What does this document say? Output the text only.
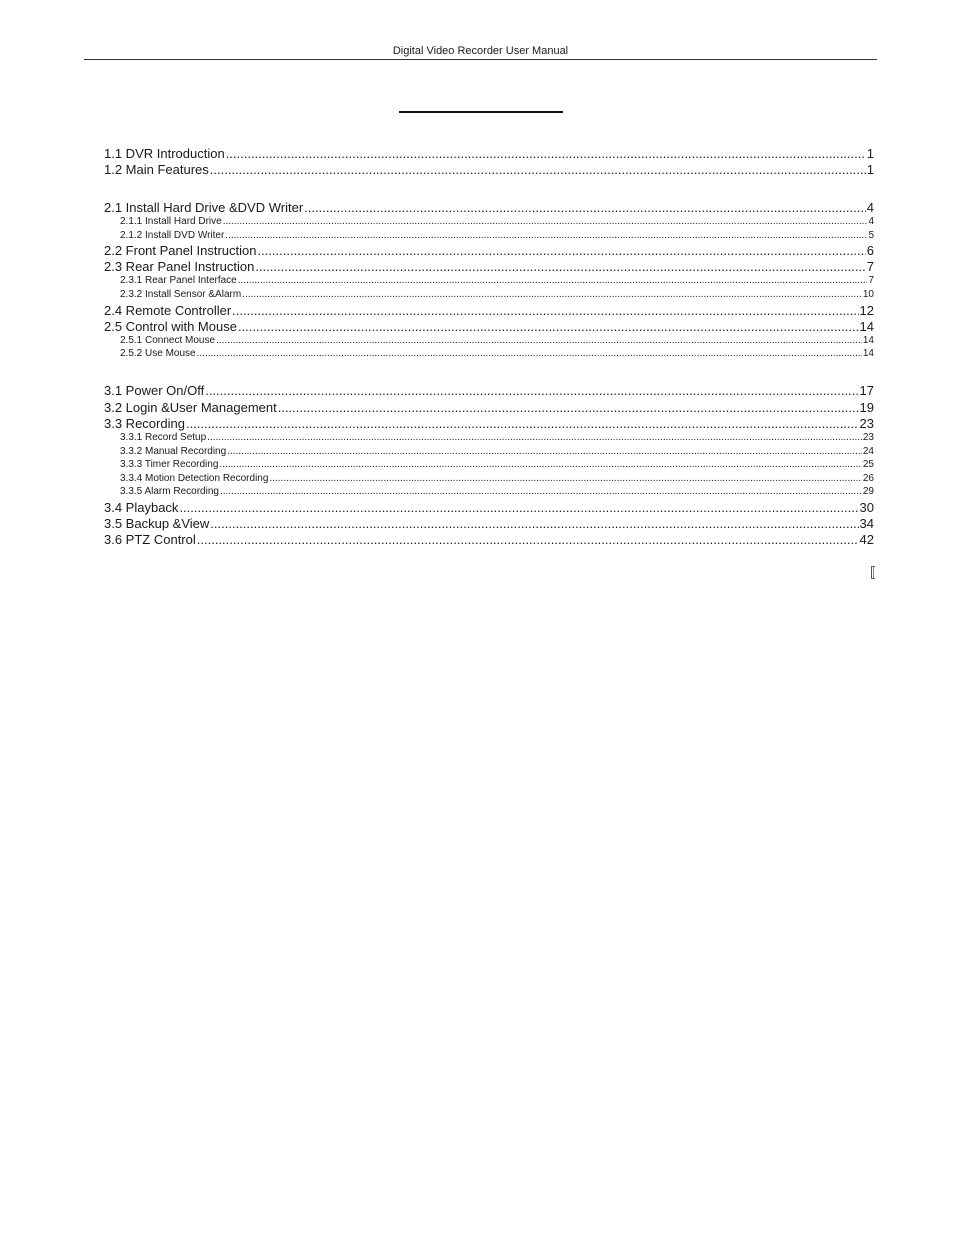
Digital Video Recorder User Manual
1.1 DVR Introduction .....	1
1.2 Main Features .....	1
2.1 Install Hard Drive &DVD Writer .....	4
2.1.1 Install Hard Drive .....	4
2.1.2 Install DVD Writer .....	5
2.2 Front Panel Instruction .....	6
2.3 Rear Panel Instruction .....	7
2.3.1 Rear Panel Interface .....	7
2.3.2 Install Sensor &Alarm .....	10
2.4 Remote Controller .....	12
2.5 Control with Mouse .....	14
2.5.1 Connect Mouse .....	14
2.5.2 Use Mouse .....	14
3.1 Power On/Off .....	17
3.2 Login &User Management .....	19
3.3 Recording .....	23
3.3.1 Record Setup .....	23
3.3.2 Manual Recording .....	24
3.3.3 Timer Recording .....	25
3.3.4 Motion Detection Recording .....	26
3.3.5 Alarm Recording .....	29
3.4 Playback .....	30
3.5 Backup &View .....	34
3.6 PTZ Control .....	42
